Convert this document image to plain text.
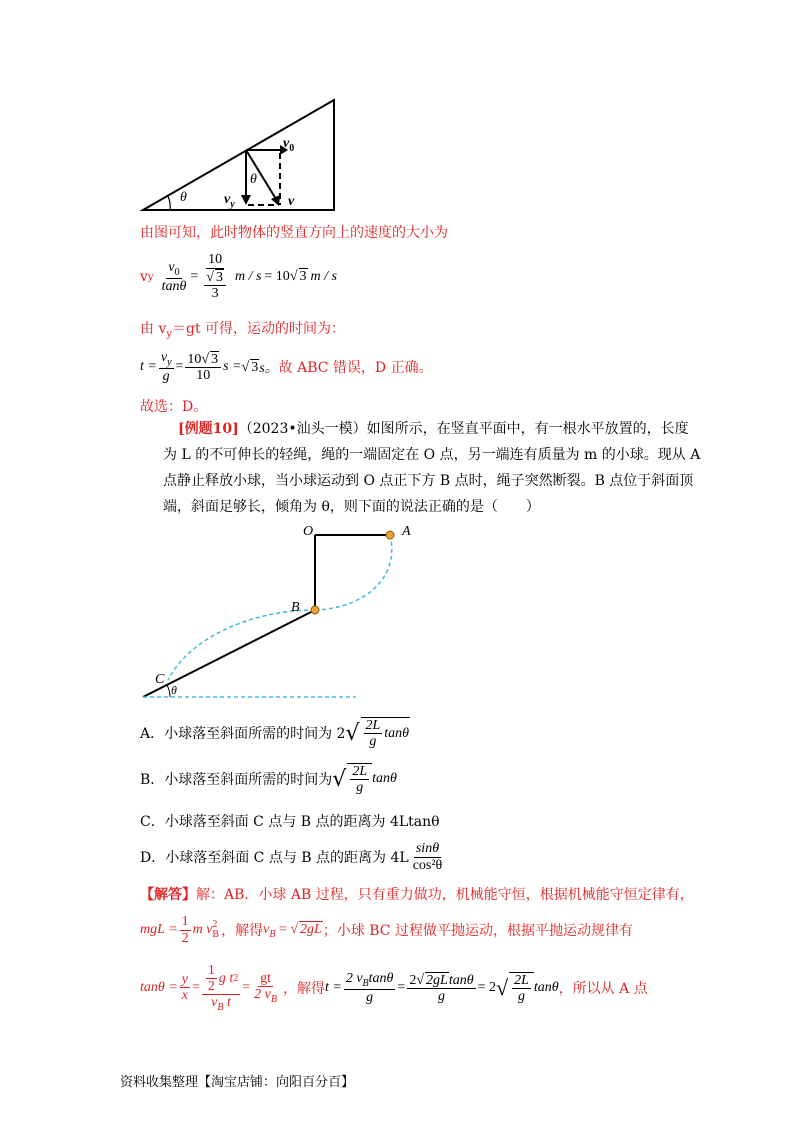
$v_0$
θ
θ
$v_y$	v
由图可知，此时物体的竖直方向上的速度的大小为
v y $\frac{v_0}{\tan\theta} = \frac{10}{\frac{√ 3}{3}}$ m / s = 10 √ 3 m / s
由 $v_y=gt$ 可得，运动的时间为：
$t = \frac{v_y}{g} = \frac{10√ 3}{10}$ s = √ 3 s。 故 ABC 错误，D 正确。
故选：D。
[例题10]（2023•汕头一模）如图所示，在竖直平面中，有一根水平放置的，长度
为 L 的不可伸长的轻绳，绳的一端固定在 O 点，另一端连有质量为 m 的小球。现从 A
点静止释放小球，当小球运动到 O 点正下方 B 点时，绳子突然断裂。B 点位于斜面顶
端，斜面足够长，倾角为 θ，则下面的说法正确的是（　　）
O	A
B
C
θ
A．小球落至斜面所需的时间为 2 √ $\frac{2L}{g}$ tanθ
B．小球落至斜面所需的时间为 √ $\frac{2L}{g}$ tanθ
C．小球落至斜面 C 点与 B 点的距离为 4Ltanθ
D．小球落至斜面 C 点与 B 点的距离为 $4L \frac{\sin\theta}{\text{cos²θ}}$
【解答】解：AB．小球 AB 过程，只有重力做功，机械能守恒，根据机械能守恒定律有，
mgL = $\frac{1}{2}$ m v 2
B ，解得 $v_B$ = √ 2gL ；小球 BC 过程做平抛运动，根据平抛运动规律有
$\tan\theta = \frac{y}{x} = \frac{\frac{1}{2} g t 2}{v_B t} = \frac{gt}{2 v_B}$ ，解得 $t = \frac{2 v_B\tan\theta}{g} = \frac{2√ 2gLtan\theta}{g} = 2$ √ $\frac{2L}{g}$ tanθ ，所以从 A 点
资料收集整理【淘宝店铺：向阳百分百】
